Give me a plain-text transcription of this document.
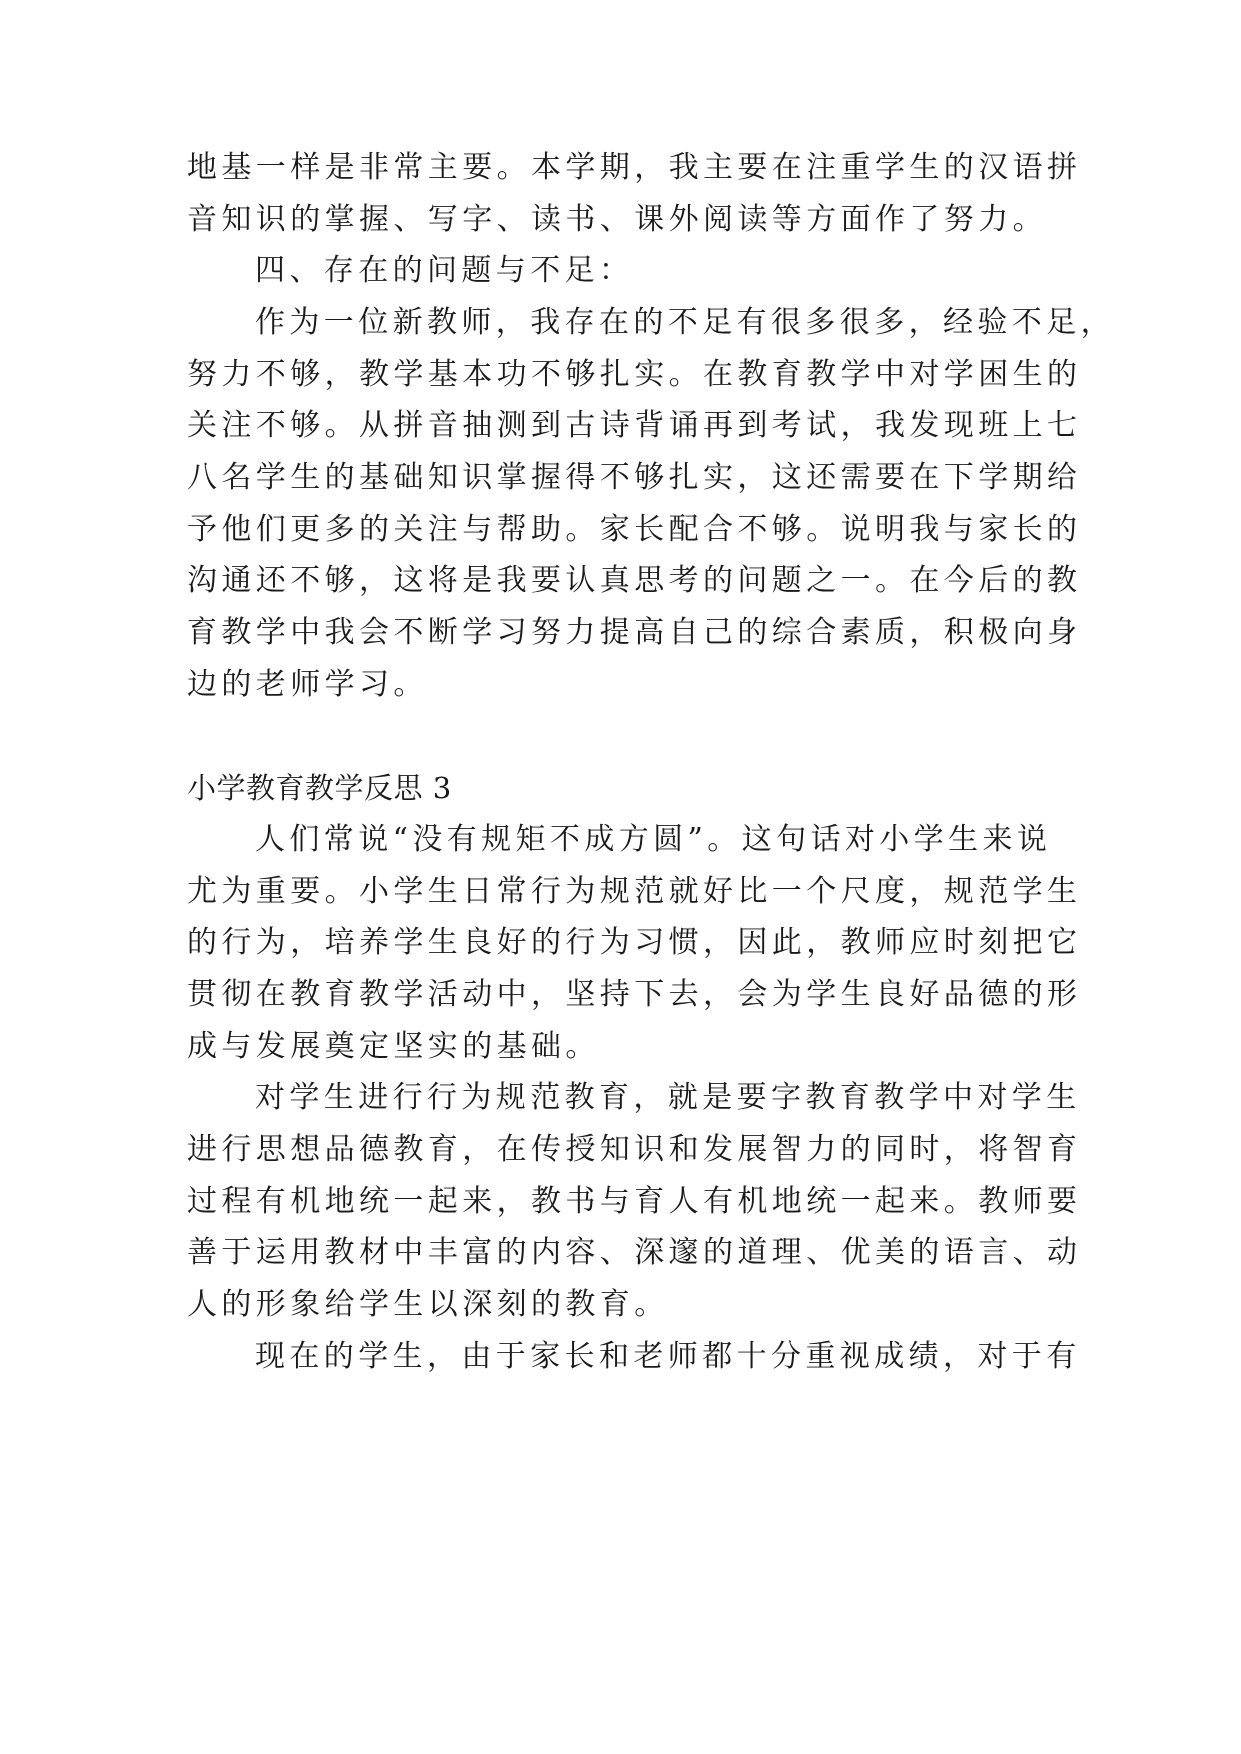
地基一样是非常主要。本学期，我主要在注重学生的汉语拼
音知识的掌握、写字、读书、课外阅读等方面作了努力。
四、存在的问题与不足：
作为一位新教师，我存在的不足有很多很多，经验不足，
努力不够，教学基本功不够扎实。在教育教学中对学困生的
关注不够。从拼音抽测到古诗背诵再到考试，我发现班上七
八名学生的基础知识掌握得不够扎实，这还需要在下学期给
予他们更多的关注与帮助。家长配合不够。说明我与家长的
沟通还不够，这将是我要认真思考的问题之一。在今后的教
育教学中我会不断学习努力提高自己的综合素质，积极向身
边的老师学习。
小学教育教学反思 3
人们常说“没有规矩不成方圆”。这句话对小学生来说
尤为重要。小学生日常行为规范就好比一个尺度，规范学生
的行为，培养学生良好的行为习惯，因此，教师应时刻把它
贯彻在教育教学活动中，坚持下去，会为学生良好品德的形
成与发展奠定坚实的基础。
对学生进行行为规范教育，就是要字教育教学中对学生
进行思想品德教育，在传授知识和发展智力的同时，将智育
过程有机地统一起来，教书与育人有机地统一起来。教师要
善于运用教材中丰富的内容、深邃的道理、优美的语言、动
人的形象给学生以深刻的教育。
现在的学生，由于家长和老师都十分重视成绩，对于有
